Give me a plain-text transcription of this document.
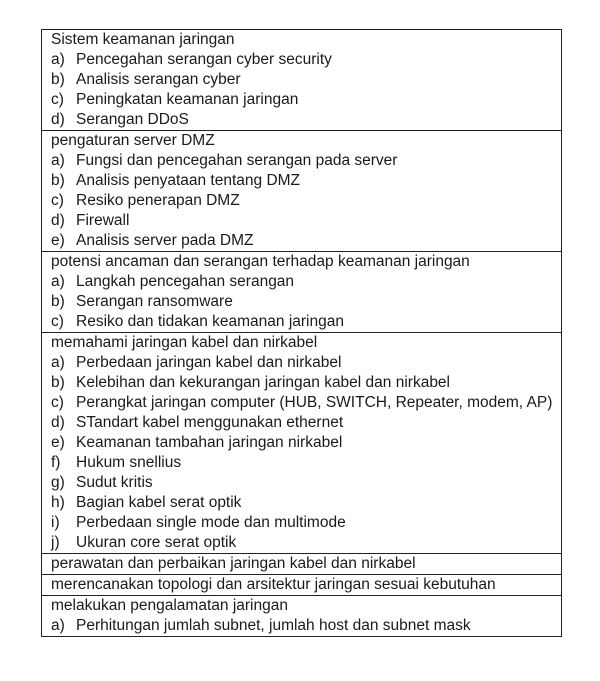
Sistem keamanan jaringan
a) Pencegahan serangan cyber security
b) Analisis serangan cyber
c) Peningkatan keamanan jaringan
d) Serangan DDoS
pengaturan server DMZ
a) Fungsi dan pencegahan serangan pada server
b) Analisis penyataan tentang DMZ
c) Resiko penerapan DMZ
d) Firewall
e) Analisis server pada DMZ
potensi ancaman dan serangan terhadap keamanan jaringan
a) Langkah pencegahan serangan
b) Serangan ransomware
c) Resiko dan tidakan keamanan jaringan
memahami jaringan kabel dan nirkabel
a) Perbedaan jaringan kabel dan nirkabel
b) Kelebihan dan kekurangan jaringan kabel dan nirkabel
c) Perangkat jaringan computer (HUB, SWITCH, Repeater, modem, AP)
d) STandart kabel menggunakan ethernet
e) Keamanan tambahan jaringan nirkabel
f)	Hukum snellius
g) Sudut kritis
h) Bagian kabel serat optik
i)	Perbedaan single mode dan multimode
j)	Ukuran core serat optik
perawatan dan perbaikan jaringan kabel dan nirkabel
merencanakan topologi dan arsitektur jaringan sesuai kebutuhan
melakukan pengalamatan jaringan
a) Perhitungan jumlah subnet, jumlah host dan subnet mask
